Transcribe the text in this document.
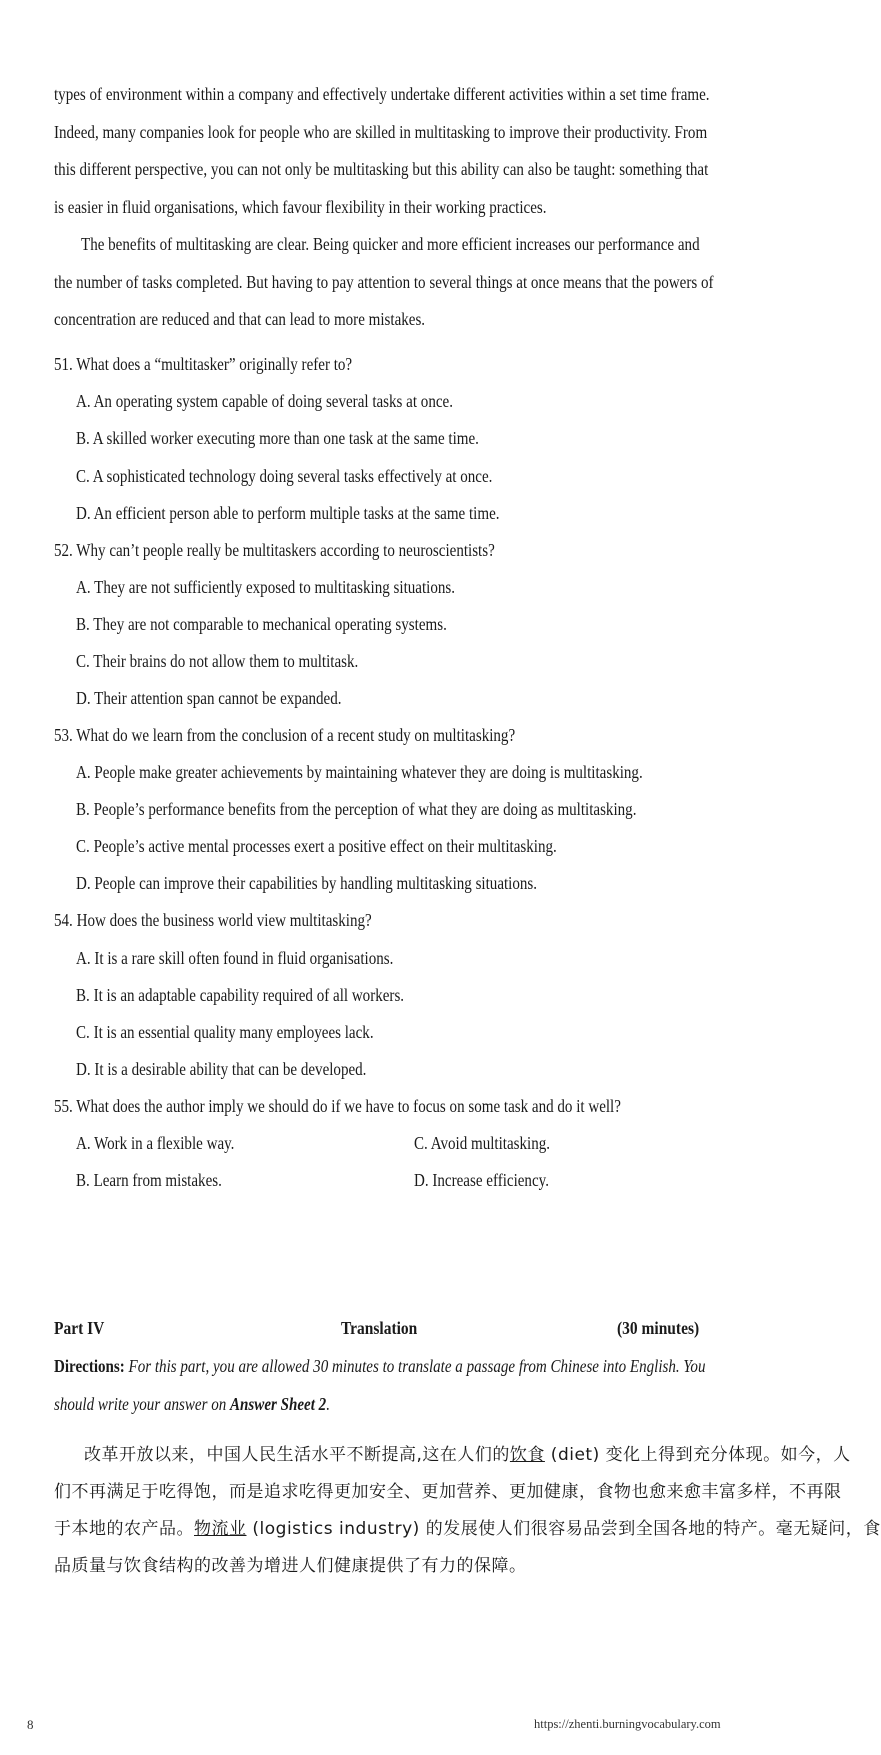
types of environment within a company and effectively undertake different activities within a set time frame.
Indeed, many companies look for people who are skilled in multitasking to improve their productivity. From
this different perspective, you can not only be multitasking but this ability can also be taught: something that
is easier in fluid organisations, which favour flexibility in their working practices.
The benefits of multitasking are clear. Being quicker and more efficient increases our performance and
the number of tasks completed. But having to pay attention to several things at once means that the powers of
concentration are reduced and that can lead to more mistakes.
51. What does a “multitasker” originally refer to?
A. An operating system capable of doing several tasks at once.
B. A skilled worker executing more than one task at the same time.
C. A sophisticated technology doing several tasks effectively at once.
D. An efficient person able to perform multiple tasks at the same time.
52. Why can’t people really be multitaskers according to neuroscientists?
A. They are not sufficiently exposed to multitasking situations.
B. They are not comparable to mechanical operating systems.
C. Their brains do not allow them to multitask.
D. Their attention span cannot be expanded.
53. What do we learn from the conclusion of a recent study on multitasking?
A. People make greater achievements by maintaining whatever they are doing is multitasking.
B. People’s performance benefits from the perception of what they are doing as multitasking.
C. People’s active mental processes exert a positive effect on their multitasking.
D. People can improve their capabilities by handling multitasking situations.
54. How does the business world view multitasking?
A. It is a rare skill often found in fluid organisations.
B. It is an adaptable capability required of all workers.
C. It is an essential quality many employees lack.
D. It is a desirable ability that can be developed.
55. What does the author imply we should do if we have to focus on some task and do it well?
A. Work in a flexible way.	C. Avoid multitasking.
B. Learn from mistakes.	D. Increase efficiency.
Part IV	Translation	(30 minutes)
Directions: For this part, you are allowed 30 minutes to translate a passage from Chinese into English. You
should write your answer on Answer Sheet 2.
改革开放以来，中国人民生活水平不断提高,这在人们的饮食 (diet) 变化上得到充分体现。如今，人
们不再满足于吃得饱，而是追求吃得更加安全、更加营养、更加健康，食物也愈来愈丰富多样，不再限
于本地的农产品。物流业 (logistics industry) 的发展使人们很容易品尝到全国各地的特产。毫无疑问，食
品质量与饮食结构的改善为增进人们健康提供了有力的保障。
8	https://zhenti.burningvocabulary.com
